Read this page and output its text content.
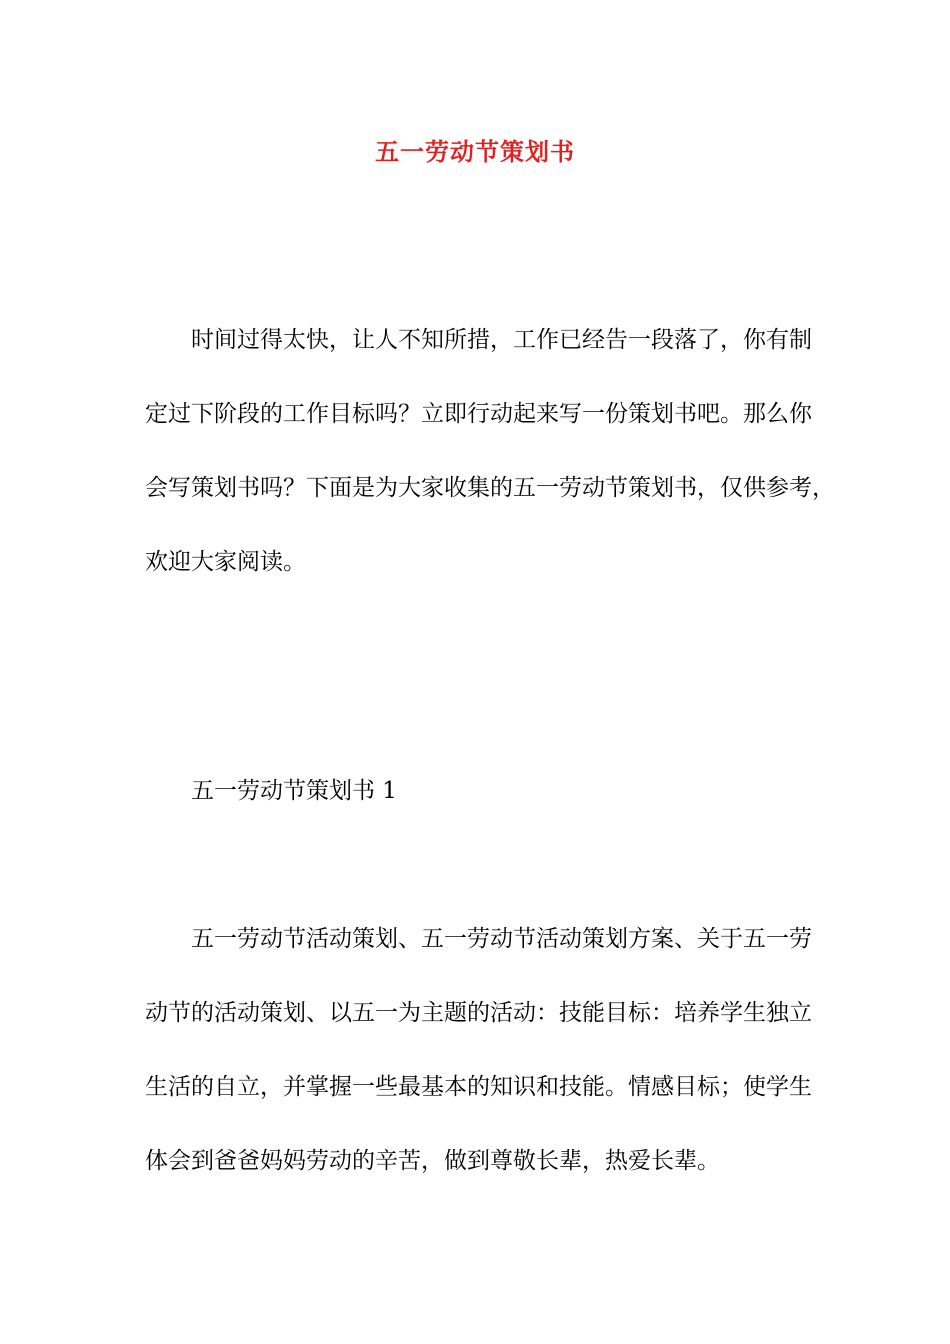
五一劳动节策划书

时间过得太快，让人不知所措，工作已经告一段落了，你有制

定过下阶段的工作目标吗？立即行动起来写一份策划书吧。那么你

会写策划书吗？下面是为大家收集的五一劳动节策划书，仅供参考，

欢迎大家阅读。

五一劳动节策划书 1

五一劳动节活动策划、五一劳动节活动策划方案、关于五一劳

动节的活动策划、以五一为主题的活动：技能目标：培养学生独立

生活的自立，并掌握一些最基本的知识和技能。情感目标；使学生

体会到爸爸妈妈劳动的辛苦，做到尊敬长辈，热爱长辈。
